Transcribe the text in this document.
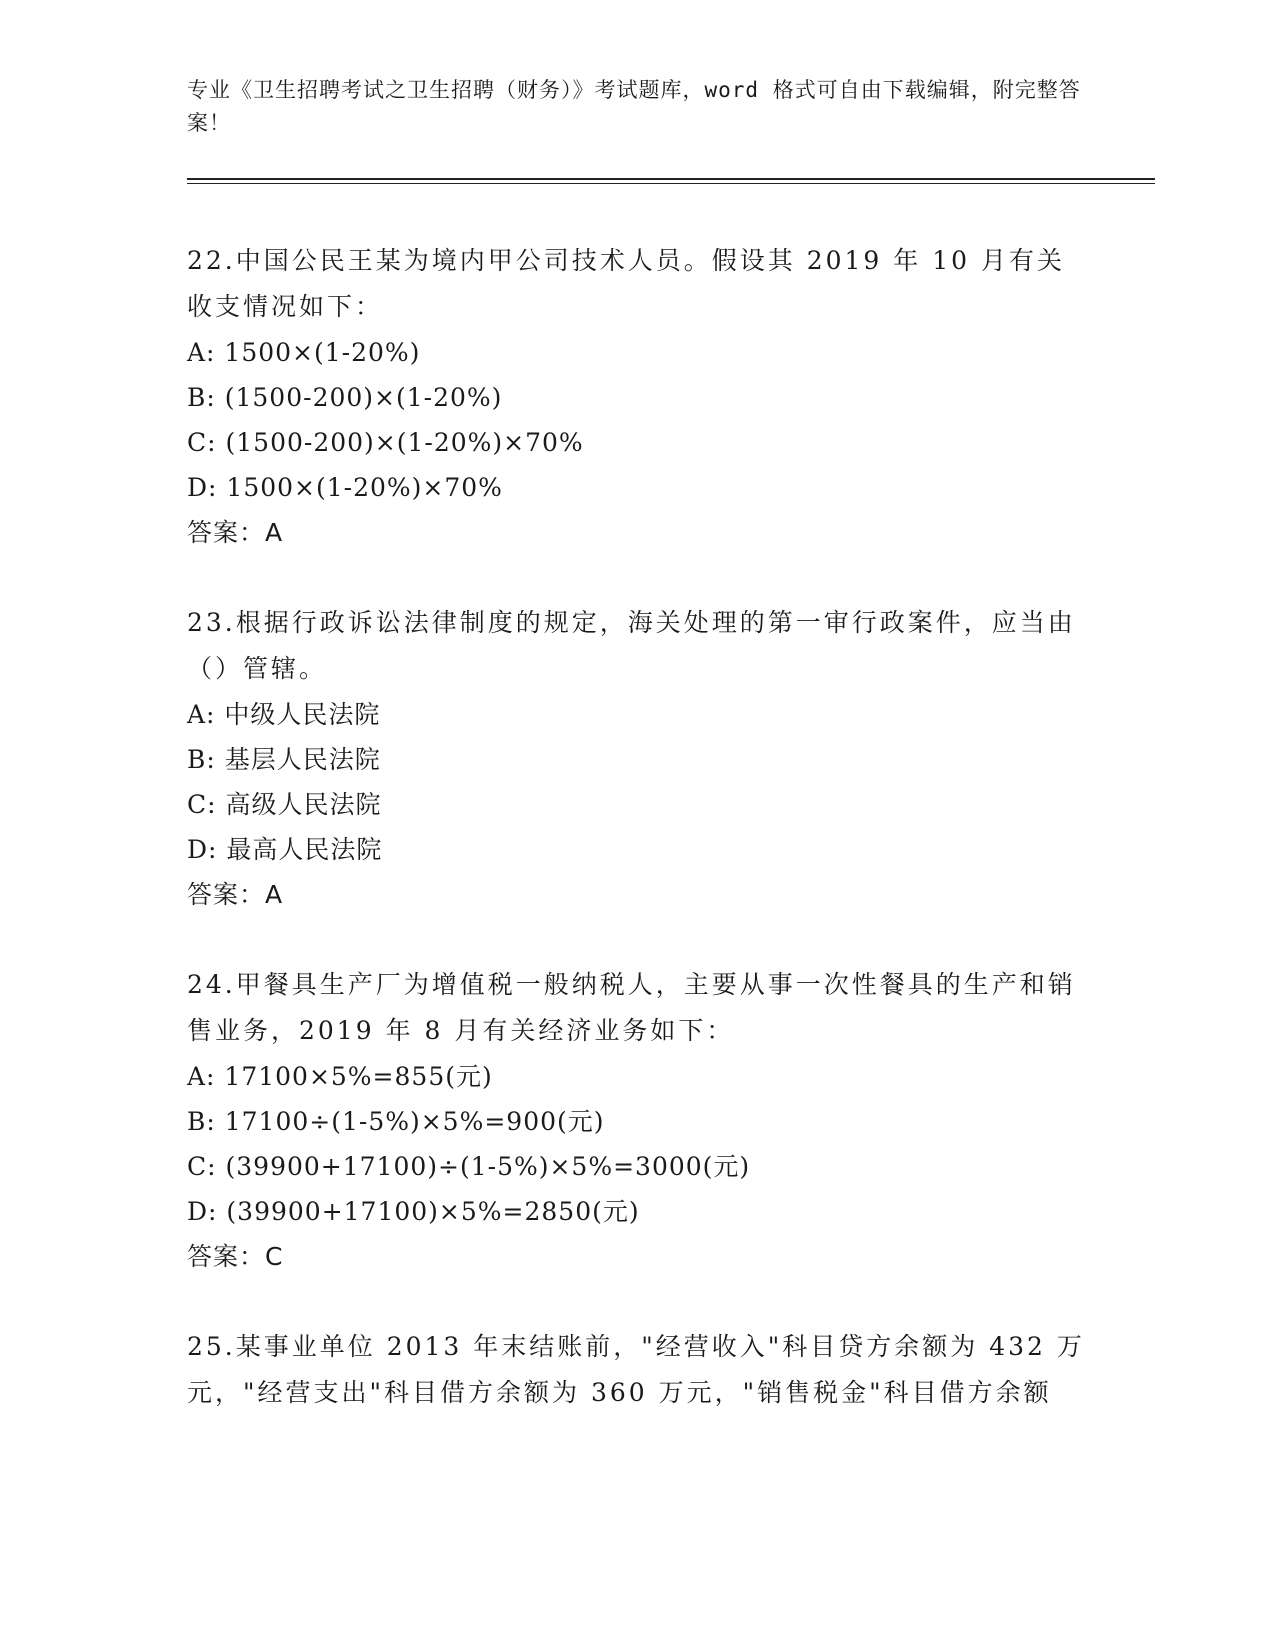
专业《卫生招聘考试之卫生招聘（财务）》考试题库，word 格式可自由下载编辑，附完整答案！

22.中国公民王某为境内甲公司技术人员。假设其 2019 年 10 月有关收支情况如下：

A: 1500×(1-20%)
B: (1500-200)×(1-20%)
C: (1500-200)×(1-20%)×70%
D: 1500×(1-20%)×70%
答案：A

23.根据行政诉讼法律制度的规定，海关处理的第一审行政案件，应当由（）管辖。

A: 中级人民法院
B: 基层人民法院
C: 高级人民法院
D: 最高人民法院
答案：A

24.甲餐具生产厂为增值税一般纳税人，主要从事一次性餐具的生产和销售业务，2019 年 8 月有关经济业务如下：

A: 17100×5%=855(元)
B: 17100÷(1-5%)×5%=900(元)
C: (39900+17100)÷(1-5%)×5%=3000(元)
D: (39900+17100)×5%=2850(元)
答案：C

25.某事业单位 2013 年末结账前，"经营收入"科目贷方余额为 432 万元，"经营支出"科目借方余额为 360 万元，"销售税金"科目借方余额
